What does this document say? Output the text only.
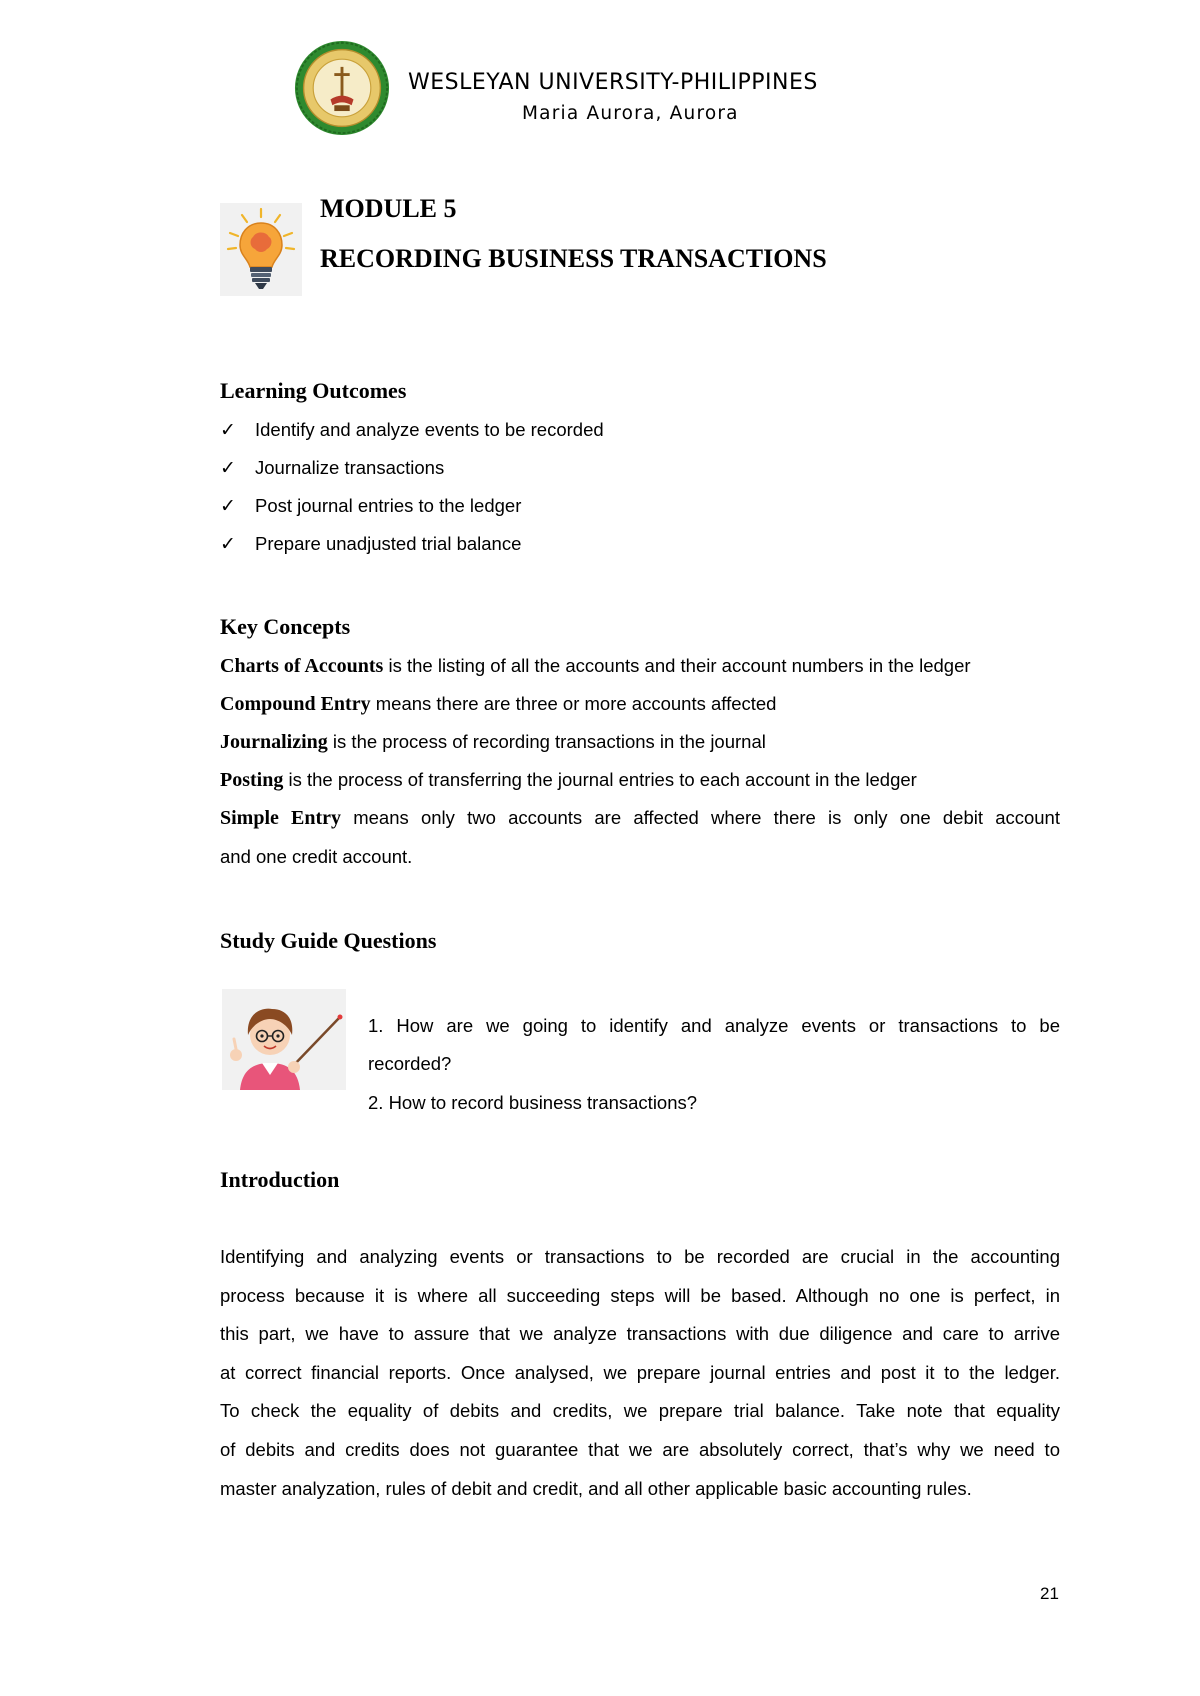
WESLEYAN UNIVERSITY-PHILIPPINES
Maria Aurora, Aurora
MODULE 5
RECORDING BUSINESS TRANSACTIONS
Learning Outcomes
✓ Identify and analyze events to be recorded
✓ Journalize transactions
✓ Post journal entries to the ledger
✓ Prepare unadjusted trial balance
Key Concepts
Charts of Accounts is the listing of all the accounts and their account numbers in the ledger
Compound Entry means there are three or more accounts affected
Journalizing is the process of recording transactions in the journal
Posting is the process of transferring the journal entries to each account in the ledger
Simple Entry means only two accounts are affected where there is only one debit account
and one credit account.
Study Guide Questions
1. How are we going to identify and analyze events or transactions to be
recorded?
2. How to record business transactions?
Introduction
Identifying and analyzing events or transactions to be recorded are crucial in the accounting
process because it is where all succeeding steps will be based. Although no one is perfect, in
this part, we have to assure that we analyze transactions with due diligence and care to arrive
at correct financial reports. Once analysed, we prepare journal entries and post it to the ledger.
To check the equality of debits and credits, we prepare trial balance. Take note that equality
of debits and credits does not guarantee that we are absolutely correct, that’s why we need to
master analyzation, rules of debit and credit, and all other applicable basic accounting rules.
21
